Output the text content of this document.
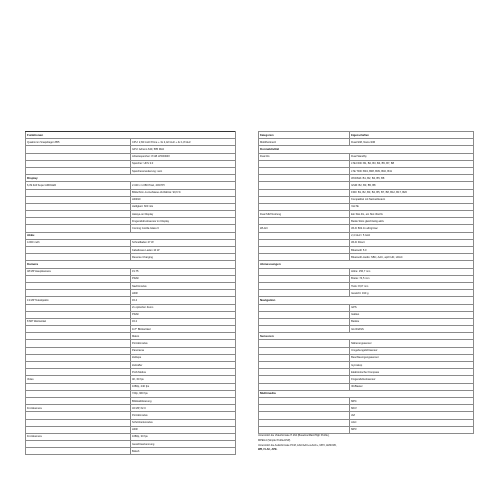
Funktionen	
Qualcomm Snapdragon 855	CPU: 2,84 GHz Prime + 3x 2,42 GHz + 4x 1,8 GHz
	GPU: Adreno 640, 585 MHz
	Arbeitsspeicher: 8 GB LPDDR4X
	Speicher: UFS 3.0
	Speichererweiterung: nein
Display	
6,39 Zoll Super AMOLED	2.340 x 1.080 Pixel, 403 PPI
	Bildschirm-zu-Gehäuse-Verhältnis: 90,6 %
	HDR10
	Helligkeit: 600 nits
	Always-on Display
	Fingerabdrucksensor im Display
	Corning Gorilla Glass 6
Akku	
4.000 mAh	Schnellladen 27 W
	Kabelloses Laden 10 W
	Reverse Charging
Kamera	
48 MP Hauptkamera	f/1.75
	PDAF
	Nachtmodus
	HDR
13 MP Teleobjektiv	f/2.4
	2x optischer Zoom
	PDAF
8 MP Weitwinkel	f/2.2
	117° Blickwinkel
	Makro
	Porträtmodus
	Panorama
	Zeitlupe
	Zeitraffer
	Profi-Modus
Video	4K, 60 fps
	1080p, 240 fps
	720p, 960 fps
	Bildstabilisierung
Frontkamera	32 MP, f/2.0
	Porträtmodus
	Schönheitsmodus
	HDR
Frontkamera	1080p, 30 fps
	Gesichtserkennung
	Bokeh
Kategorien	Eigenschaften
Mobilfunknetz	Dual-SIM, Nano-SIM
Konnektivität	
Dual 4G	Dual Standby
	LTE FDD: B1, B2, B3, B4, B5, B7, B8
	LTE TDD: B34, B38, B39, B40, B41
	WCDMA: B1, B2, B4, B5, B8
	GSM: B2, B3, B5, B8
	FDD: B1, B2, B3, B4, B5, B7, B8, B12, B17, B20
	Kompatibel mit Netzanbietern
	VoLTE
Dual SIM Nutzung	Ein Slot 4G, ein Slot 3G/2G
	Beide Slots gleichzeitig aktiv
WLAN	Wi-Fi 802.11 a/b/g/n/ac
	2,4 GHz / 5 GHz
	Wi-Fi Direct
	Bluetooth 5.0
	Bluetooth-Audio: SBC, AAC, aptX HD, LDAC
Abmessungen	
	Höhe: 156,7 mm
	Breite: 74,5 mm
	Tiefe: 8,67 mm
	Gewicht: 190 g
Navigation	
	GPS
	Galileo
	Beidou
	GLONASS
Sensoren	
	Näherungssensor
	Umgebungslichtsensor
	Beschleunigungssensor
	Gyroskop
	Elektronischer Kompass
	Fingerabdrucksensor
	IR-Blaster
Multimedia	
	MP4
	MKV
	AVI
	AAC
	MP3
Unterstützt die Videoformate H.264 (Baseline/Main/High Profile),
MPEG4 (Simple Profile/ASP).
Unterstützt die Audioformate PCM, AAC/AAC+/eAAC+, MP3, AMR-NB,
WB, FLAC, APE.
